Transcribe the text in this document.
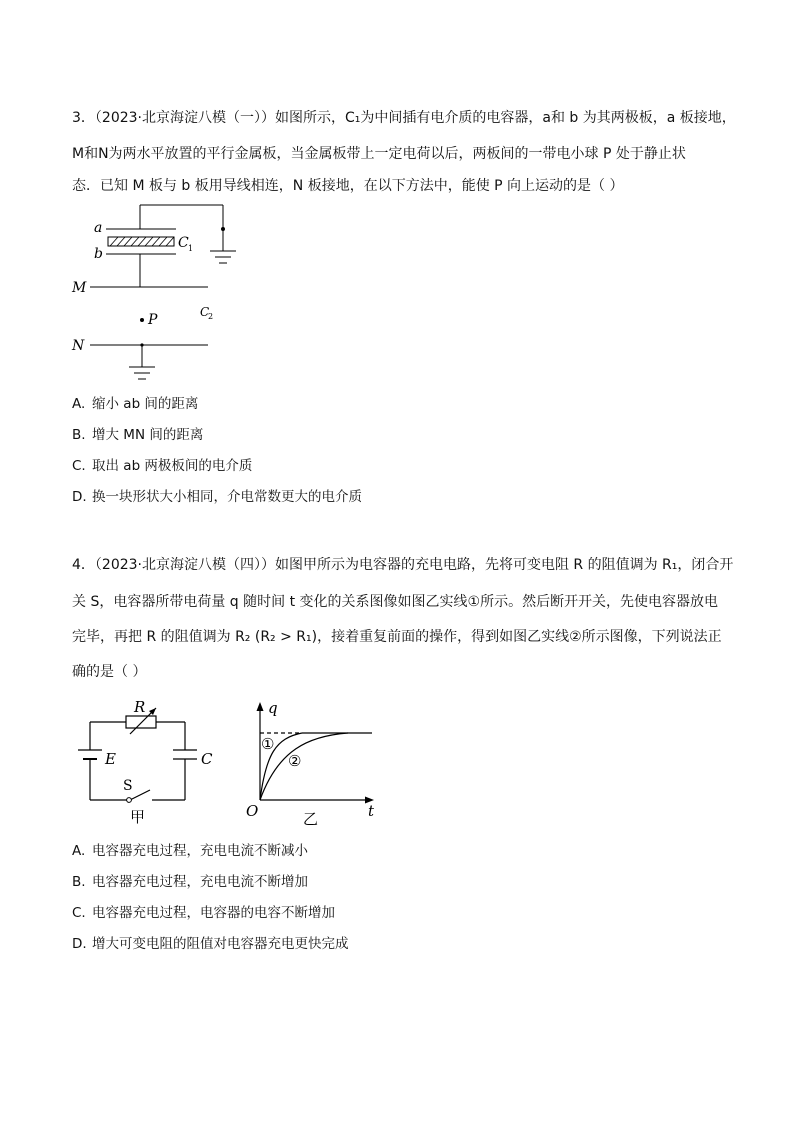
3．（2023·北京海淀八模（一））如图所示，C₁为中间插有电介质的电容器，a和 b 为其两极板，a 板接地，
M和N为两水平放置的平行金属板，当金属板带上一定电荷以后，两板间的一带电小球 P 处于静止状
态．已知 M 板与 b 板用导线相连，N 板接地，在以下方法中，能使 P 向上运动的是（ ）
a
b
C 1
M
N
P	C
2
A. 缩小 ab 间的距离
B. 增大 MN 间的距离
C. 取出 ab 两极板间的电介质
D. 换一块形状大小相同，介电常数更大的电介质
4．（2023·北京海淀八模（四））如图甲所示为电容器的充电电路，先将可变电阻 R 的阻值调为 R₁，闭合开
关 S，电容器所带电荷量 q 随时间 t 变化的关系图像如图乙实线①所示。然后断开开关，先使电容器放电
完毕，再把 R 的阻值调为 R₂ (R₂ > R₁)，接着重复前面的操作，得到如图乙实线②所示图像，下列说法正
确的是（ ）
R
E	C
S
甲
q
t
O
①
②
乙
A. 电容器充电过程，充电电流不断减小
B. 电容器充电过程，充电电流不断增加
C. 电容器充电过程，电容器的电容不断增加
D. 增大可变电阻的阻值对电容器充电更快完成
